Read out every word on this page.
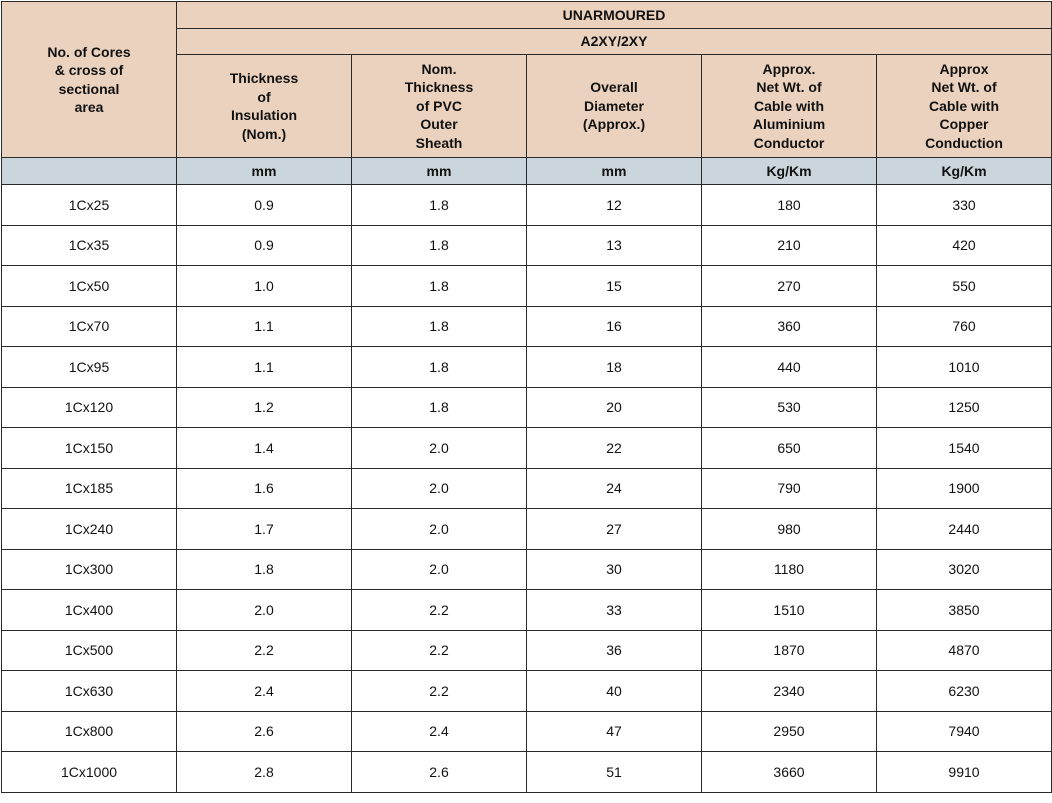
No. of Cores
& cross of
sectional
area	UNARMOURED				
	A2XY/2XY				

	Thickness
of
Insulation
(Nom.)	Nom.
Thickness
of PVC
Outer
Sheath	Overall
Diameter
(Approx.)	Approx.
Net Wt. of
Cable with
Aluminium
Conductor	Approx
Net Wt. of
Cable with
Copper
Conduction

	mm	mm	mm	Kg/Km	Kg/Km
1Cx25	0.9	1.8	12	180	330
1Cx35	0.9	1.8	13	210	420
1Cx50	1.0	1.8	15	270	550
1Cx70	1.1	1.8	16	360	760
1Cx95	1.1	1.8	18	440	1010
1Cx120	1.2	1.8	20	530	1250
1Cx150	1.4	2.0	22	650	1540
1Cx185	1.6	2.0	24	790	1900
1Cx240	1.7	2.0	27	980	2440
1Cx300	1.8	2.0	30	1180	3020
1Cx400	2.0	2.2	33	1510	3850
1Cx500	2.2	2.2	36	1870	4870
1Cx630	2.4	2.2	40	2340	6230
1Cx800	2.6	2.4	47	2950	7940
1Cx1000	2.8	2.6	51	3660	9910
